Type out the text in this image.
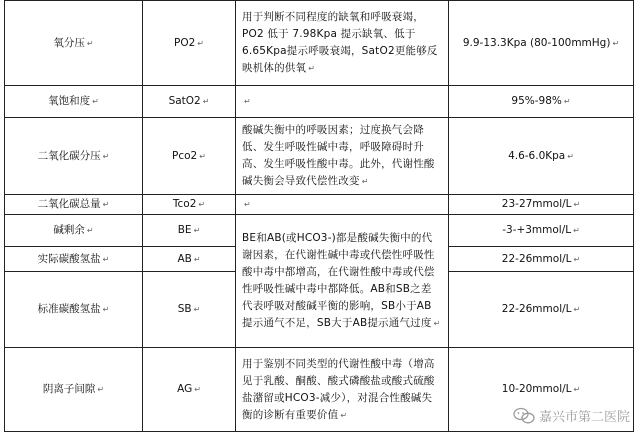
氧分压 ↵	PO2 ↵	用于判断不同程度的缺氧和呼吸衰竭，PO2 低于 7.98Kpa 提示缺氧、低于6.65Kpa提示呼吸衰竭，SatO2更能够反映机体的供氧 ↵	9.9-13.3Kpa (80-100mmHg) ↵
氧饱和度 ↵	SatO2 ↵	↵	95%-98% ↵
二氧化碳分压 ↵	Pco2 ↵	酸碱失衡中的呼吸因素；过度换气会降低、发生呼吸性碱中毒，呼吸障碍时升高、发生呼吸性酸中毒。此外，代谢性酸碱失衡会导致代偿性改变 ↵	4.6-6.0Kpa ↵
二氧化碳总量 ↵	Tco2 ↵	↵	23-27mmol/L ↵
碱剩余 ↵	BE ↵	BE和AB(或HCO3-)都是酸碱失衡中的代谢因素，在代谢性碱中毒或代偿性呼吸性酸中毒中都增高，在代谢性酸中毒或代偿性呼吸性碱中毒中都降低。AB和SB之差代表呼吸对酸碱平衡的影响，SB小于AB提示通气不足，SB大于AB提示通气过度 ↵	-3-+3mmol/L ↵
实际碳酸氢盐 ↵	AB ↵		22-26mmol/L ↵
标准碳酸氢盐 ↵	SB ↵		22-26mmol/L ↵
阴离子间隙 ↵	AG ↵	用于鉴别不同类型的代谢性酸中毒（增高见于乳酸、酮酸、酸式磷酸盐或酸式硫酸盐潴留或HCO3-减少），对混合性酸碱失衡的诊断有重要价值 ↵	10-20mmol/L ↵
嘉兴市第二医院
